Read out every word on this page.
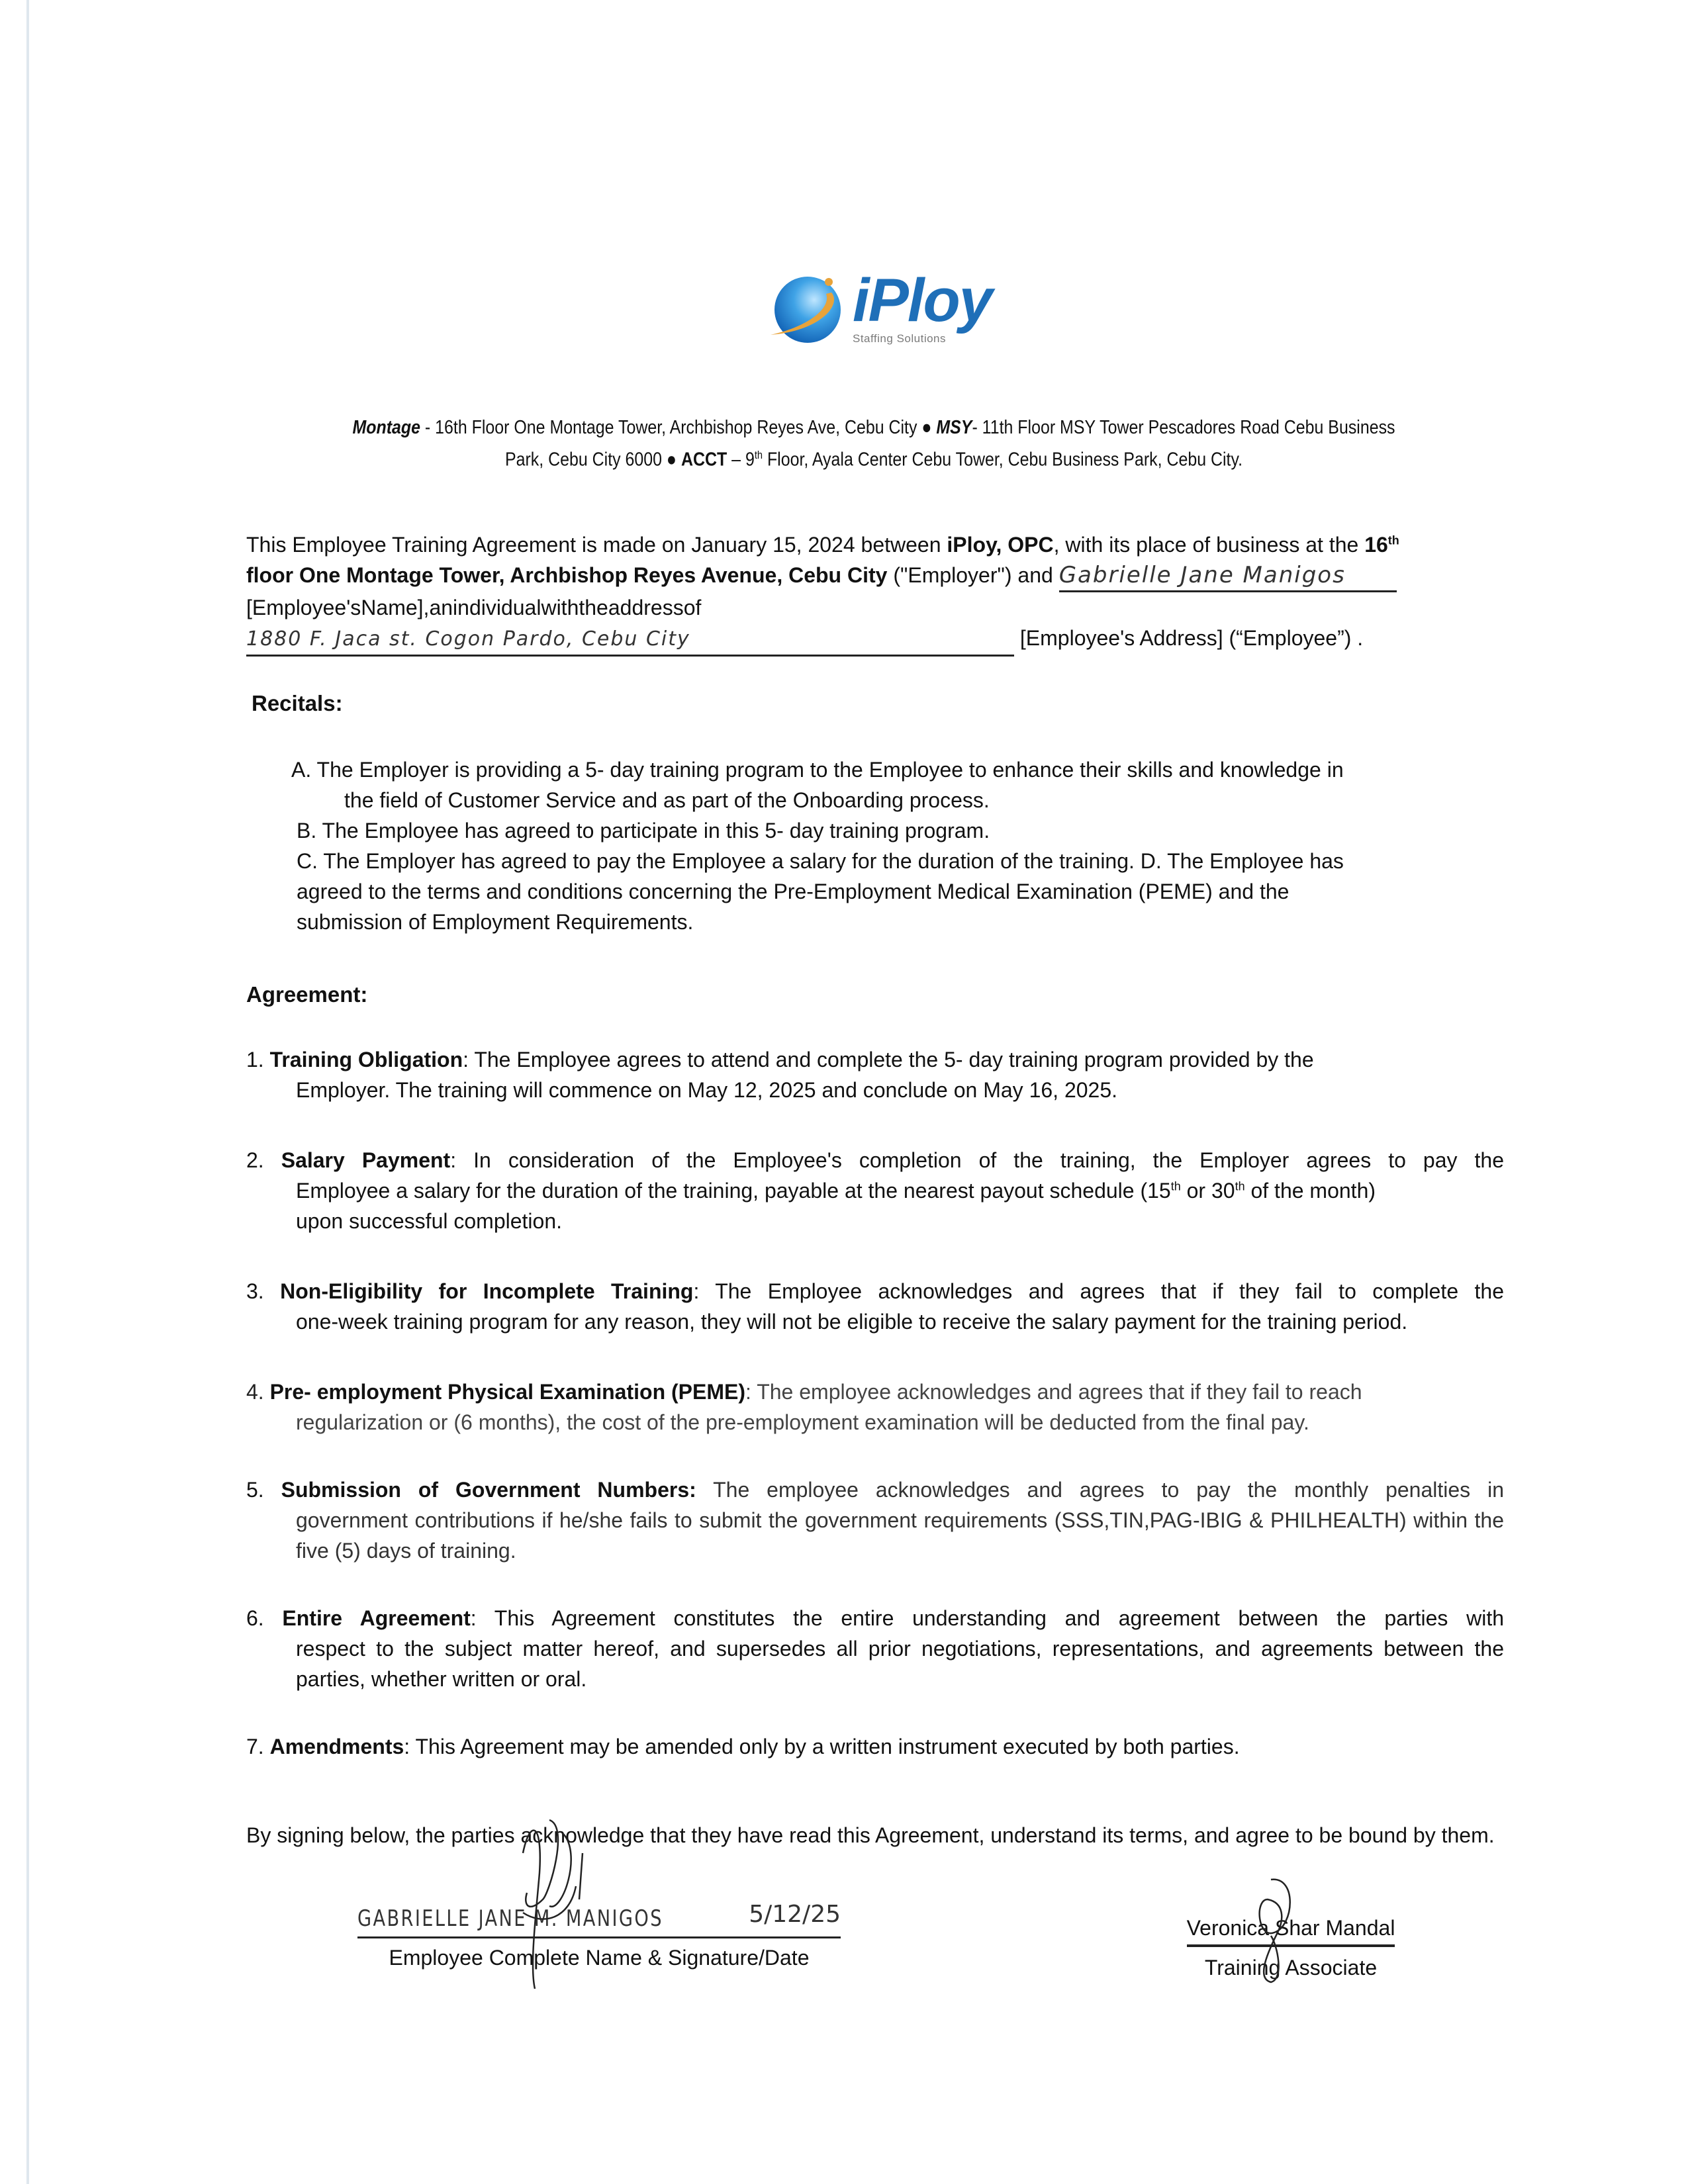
iPloy
Staffing Solutions
Montage - 16th Floor One Montage Tower, Archbishop Reyes Ave, Cebu City ● MSY- 11th Floor MSY Tower Pescadores Road Cebu Business Park, Cebu City 6000 ● ACCT – 9th Floor, Ayala Center Cebu Tower, Cebu Business Park, Cebu City.
This Employee Training Agreement is made on January 15, 2024 between iPloy, OPC, with its place of business at the 16th
floor One Montage Tower, Archbishop Reyes Avenue, Cebu City ("Employer") and Gabrielle Jane Manigos
[Employee'sName],anindividualwiththeaddressof
1880 F. Jaca st. Cogon Pardo, Cebu City	[Employee's Address] (“Employee”) .
Recitals:

A. The Employer is providing a 5- day training program to the Employee to enhance their skills and knowledge in

the field of Customer Service and as part of the Onboarding process.

B. The Employee has agreed to participate in this 5- day training program.

C. The Employer has agreed to pay the Employee a salary for the duration of the training. D. The Employee has

agreed to the terms and conditions concerning the Pre-Employment Medical Examination (PEME) and the

submission of Employment Requirements.

Agreement:
1. Training Obligation: The Employee agrees to attend and complete the 5- day training program provided by the
Employer. The training will commence on May 12, 2025 and conclude on May 16, 2025.
2. Salary Payment: In consideration of the Employee's completion of the training, the Employer agrees to pay the
Employee a salary for the duration of the training, payable at the nearest payout schedule (15th or 30th of the month)
upon successful completion.
3. Non-Eligibility for Incomplete Training: The Employee acknowledges and agrees that if they fail to complete the
one-week training program for any reason, they will not be eligible to receive the salary payment for the training period.
4. Pre- employment Physical Examination (PEME): The employee acknowledges and agrees that if they fail to reach
regularization or (6 months), the cost of the pre-employment examination will be deducted from the final pay.
5. Submission of Government Numbers: The employee acknowledges and agrees to pay the monthly penalties in
government contributions if he/she fails to submit the government requirements (SSS,TIN,PAG-IBIG & PHILHEALTH) within the five (5) days of training.
6. Entire Agreement: This Agreement constitutes the entire understanding and agreement between the parties with
respect to the subject matter hereof, and supersedes all prior negotiations, representations, and agreements between the parties, whether written or oral.
7. Amendments: This Agreement may be amended only by a written instrument executed by both parties.
By signing below, the parties acknowledge that they have read this Agreement, understand its terms, and agree to be bound by them.
GABRIELLE JANE M. MANIGOS	5/12/25
Employee Complete Name & Signature/Date
Veronica Shar Mandal
Training Associate
